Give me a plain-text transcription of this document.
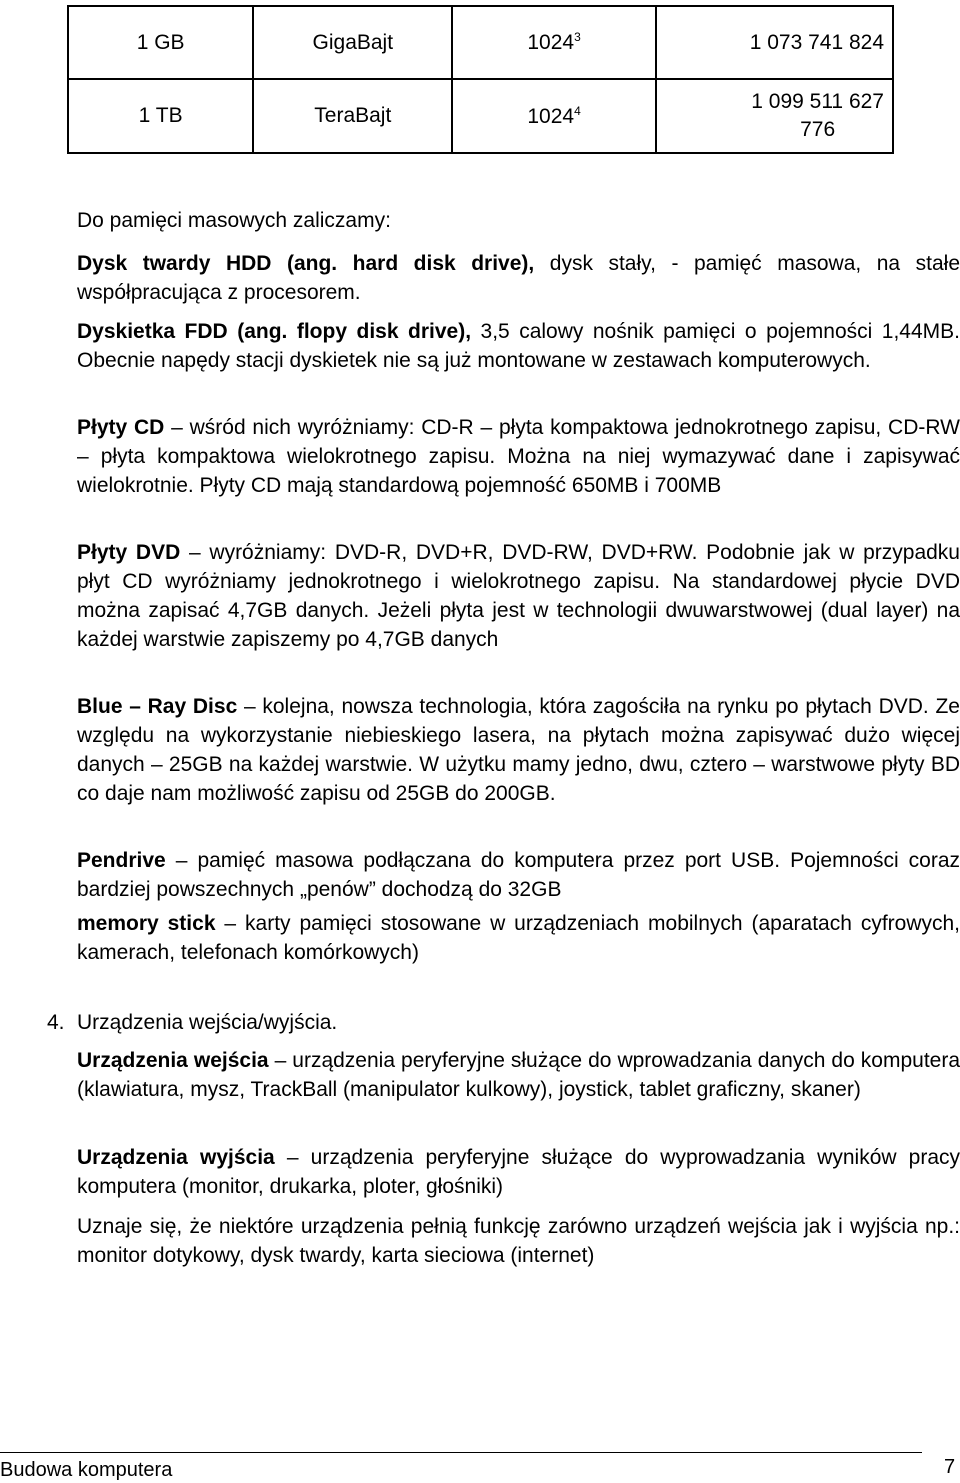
1 GB	GigaBajt	1024$^3$	1 073 741 824
1 TB	TeraBajt	1024$^4$	1 099 511 627
776
Do pamięci masowych zaliczamy:
Dysk twardy HDD (ang. hard disk drive), dysk stały, - pamięć masowa, na stałe współpracująca z procesorem.
Dyskietka FDD (ang. flopy disk drive), 3,5 calowy nośnik pamięci o pojemności 1,44MB. Obecnie napędy stacji dyskietek nie są już montowane w zestawach komputerowych.
Płyty CD – wśród nich wyróżniamy: CD-R – płyta kompaktowa jednokrotnego zapisu, CD-RW – płyta kompaktowa wielokrotnego zapisu. Można na niej wymazywać dane i zapisywać wielokrotnie. Płyty CD mają standardową pojemność 650MB i 700MB
Płyty DVD – wyróżniamy: DVD-R, DVD+R, DVD-RW, DVD+RW. Podobnie jak w przypadku płyt CD wyróżniamy jednokrotnego i wielokrotnego zapisu. Na standardowej płycie DVD można zapisać 4,7GB danych. Jeżeli płyta jest w technologii dwuwarstwowej (dual layer) na każdej warstwie zapiszemy po 4,7GB danych
Blue – Ray Disc – kolejna, nowsza technologia, która zagościła na rynku po płytach DVD. Ze względu na wykorzystanie niebieskiego lasera, na płytach można zapisywać dużo więcej danych – 25GB na każdej warstwie. W użytku mamy jedno, dwu, cztero – warstwowe płyty BD co daje nam możliwość zapisu od 25GB do 200GB.
Pendrive – pamięć masowa podłączana do komputera przez port USB. Pojemności coraz bardziej powszechnych „penów” dochodzą do 32GB
memory stick – karty pamięci stosowane w urządzeniach mobilnych (aparatach cyfrowych, kamerach, telefonach komórkowych)
4. Urządzenia wejścia/wyjścia.
Urządzenia wejścia – urządzenia peryferyjne służące do wprowadzania danych do komputera (klawiatura, mysz, TrackBall (manipulator kulkowy), joystick, tablet graficzny, skaner)
Urządzenia wyjścia – urządzenia peryferyjne służące do wyprowadzania wyników pracy komputera (monitor, drukarka, ploter, głośniki)
Uznaje się, że niektóre urządzenia pełnią funkcję zarówno urządzeń wejścia jak i wyjścia np.: monitor dotykowy, dysk twardy, karta sieciowa (internet)
Budowa komputera	7
